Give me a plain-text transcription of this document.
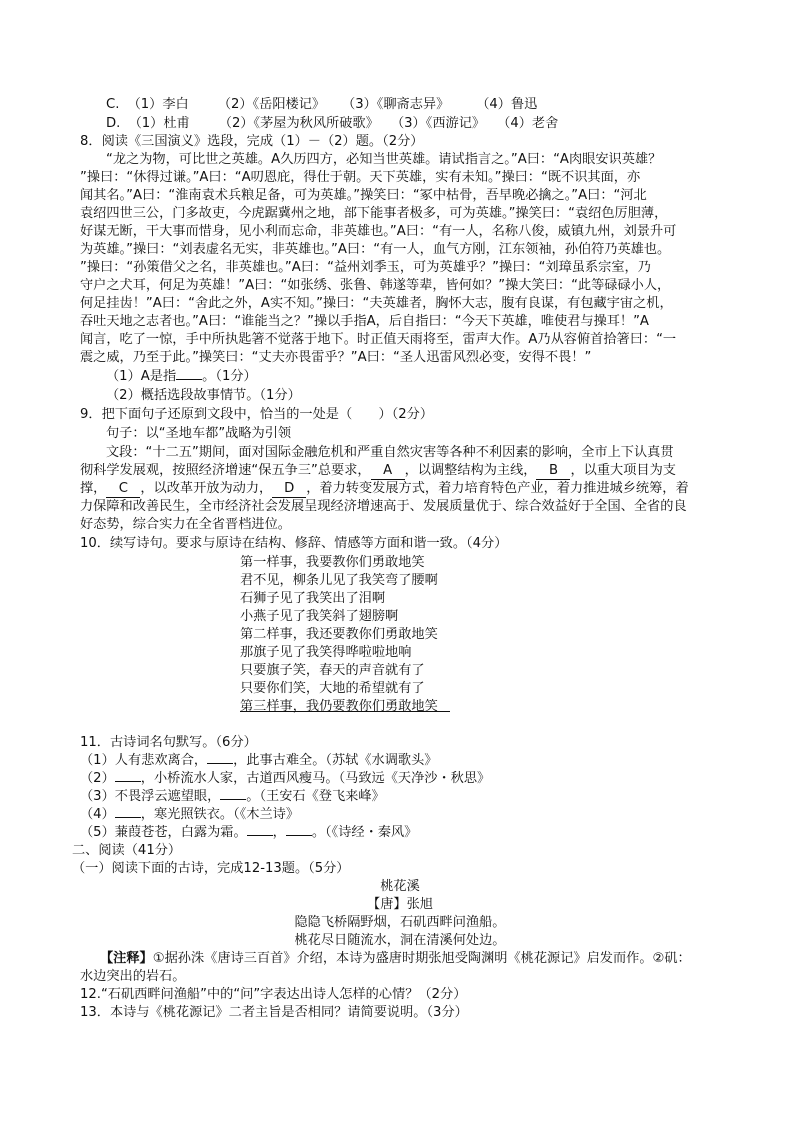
C. （1）李白 （2）《岳阳楼记》 （3）《聊斋志异》 （4）鲁迅
D. （1）杜甫 （2）《茅屋为秋风所破歌》 （3）《西游记》 （4）老舍
8．阅读《三国演义》选段，完成（1）－（2）题。（2分）
“龙之为物，可比世之英雄。A久历四方，必知当世英雄。请试指言之。”A曰：“A肉眼安识英雄？
”操曰：“休得过谦。”A曰：“A叨恩庇，得仕于朝。天下英雄，实有未知。”操曰：“既不识其面，亦
闻其名。”A曰：“淮南袁术兵粮足备，可为英雄。”操笑曰：“冢中枯骨，吾早晚必擒之。”A曰：“河北
袁绍四世三公，门多故吏，今虎踞冀州之地，部下能事者极多，可为英雄。”操笑曰：“袁绍色厉胆薄，
好谋无断，干大事而惜身，见小利而忘命，非英雄也。”A曰：“有一人，名称八俊，威镇九州，刘景升可
为英雄。”操曰：“刘表虚名无实，非英雄也。”A曰：“有一人，血气方刚，江东领袖，孙伯符乃英雄也。
”操曰：“孙策借父之名，非英雄也。”A曰：“益州刘季玉，可为英雄乎？”操曰：“刘璋虽系宗室，乃
守户之犬耳，何足为英雄！”A曰：“如张绣、张鲁、韩遂等辈，皆何如？”操大笑曰：“此等碌碌小人，
何足挂齿！”A曰：“舍此之外，A实不知。”操曰：“夫英雄者，胸怀大志，腹有良谋，有包藏宇宙之机，
吞吐天地之志者也。”A曰：“谁能当之？”操以手指A，后自指曰：“今天下英雄，唯使君与操耳！”A
闻言，吃了一惊，手中所执匙箸不觉落于地下。时正值天雨将至，雷声大作。A乃从容俯首拾箸曰：“一
震之威，乃至于此。”操笑曰：“丈夫亦畏雷乎？”A曰：“圣人迅雷风烈必变，安得不畏！”
（1）A是指 。（1分）
（2）概括选段故事情节。（1分）
9．把下面句子还原到文段中，恰当的一处是（　　）（2分）
句子：以“圣地车都”战略为引领
文段：“十二五”期间，面对国际金融危机和严重自然灾害等各种不利因素的影响，全市上下认真贯
彻科学发展观，按照经济增速“保五争三”总要求， A ，以调整结构为主线， B ，以重大项目为支
撑， C ，以改革开放为动力， D ，着力转变发展方式，着力培育特色产业，着力推进城乡统筹，着
力保障和改善民生，全市经济社会发展呈现经济增速高于、发展质量优于、综合效益好于全国、全省的良
好态势，综合实力在全省晋档进位。
10．续写诗句。要求与原诗在结构、修辞、情感等方面和谐一致。（4分）
第一样事，我要教你们勇敢地笑
君不见，柳条儿见了我笑弯了腰啊
石狮子见了我笑出了泪啊
小燕子见了我笑斜了翅膀啊
第二样事，我还要教你们勇敢地笑
那旗子见了我笑得哗啦啦地响
只要旗子笑，春天的声音就有了
只要你们笑，大地的希望就有了
第三样事，我仍要教你们勇敢地笑
11．古诗词名句默写。（6分）
（1）人有悲欢离合， ，此事古难全。（苏轼《水调歌头》
（2） ，小桥流水人家，古道西风瘦马。（马致远《天净沙・秋思》
（3）不畏浮云遮望眼， 。（王安石《登飞来峰》
（4） ，寒光照铁衣。（《木兰诗》
（5）蒹葭苍苍，白露为霜。 ， 。（《诗经・秦风》
二、阅读（41分）
（一）阅读下面的古诗，完成12-13题。（5分）
桃花溪
【唐】张旭
隐隐飞桥隔野烟，石矶西畔问渔船。
桃花尽日随流水，洞在清溪何处边。
【注释】①据孙洙《唐诗三百首》介绍，本诗为盛唐时期张旭受陶渊明《桃花源记》启发而作。②矶：
水边突出的岩石。
12.“石矶西畔问渔船”中的“问”字表达出诗人怎样的心情？（2分）
13．本诗与《桃花源记》二者主旨是否相同？请简要说明。（3分）
